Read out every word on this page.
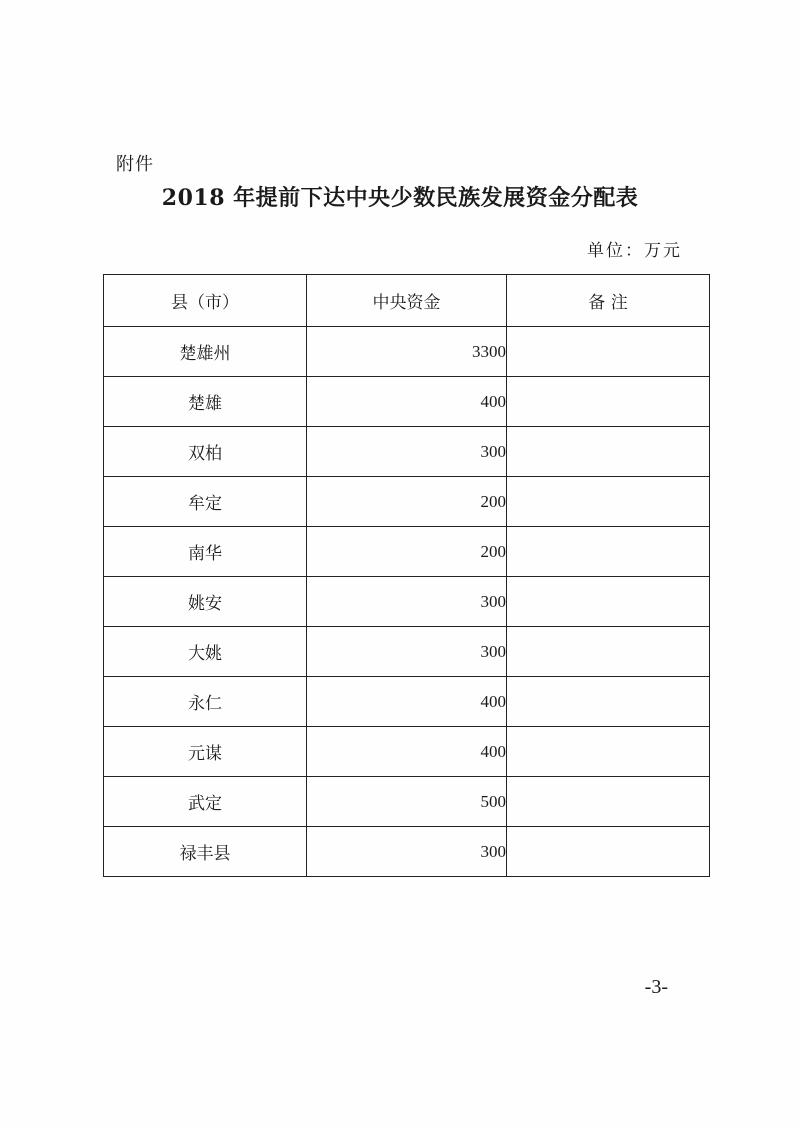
附件
2018 年提前下达中央少数民族发展资金分配表
单位：万元
县（市）	中央资金	备 注
楚雄州	3300	
楚雄	400	
双柏	300	
牟定	200	
南华	200	
姚安	300	
大姚	300	
永仁	400	
元谋	400	
武定	500	
禄丰县	300	
-3-
